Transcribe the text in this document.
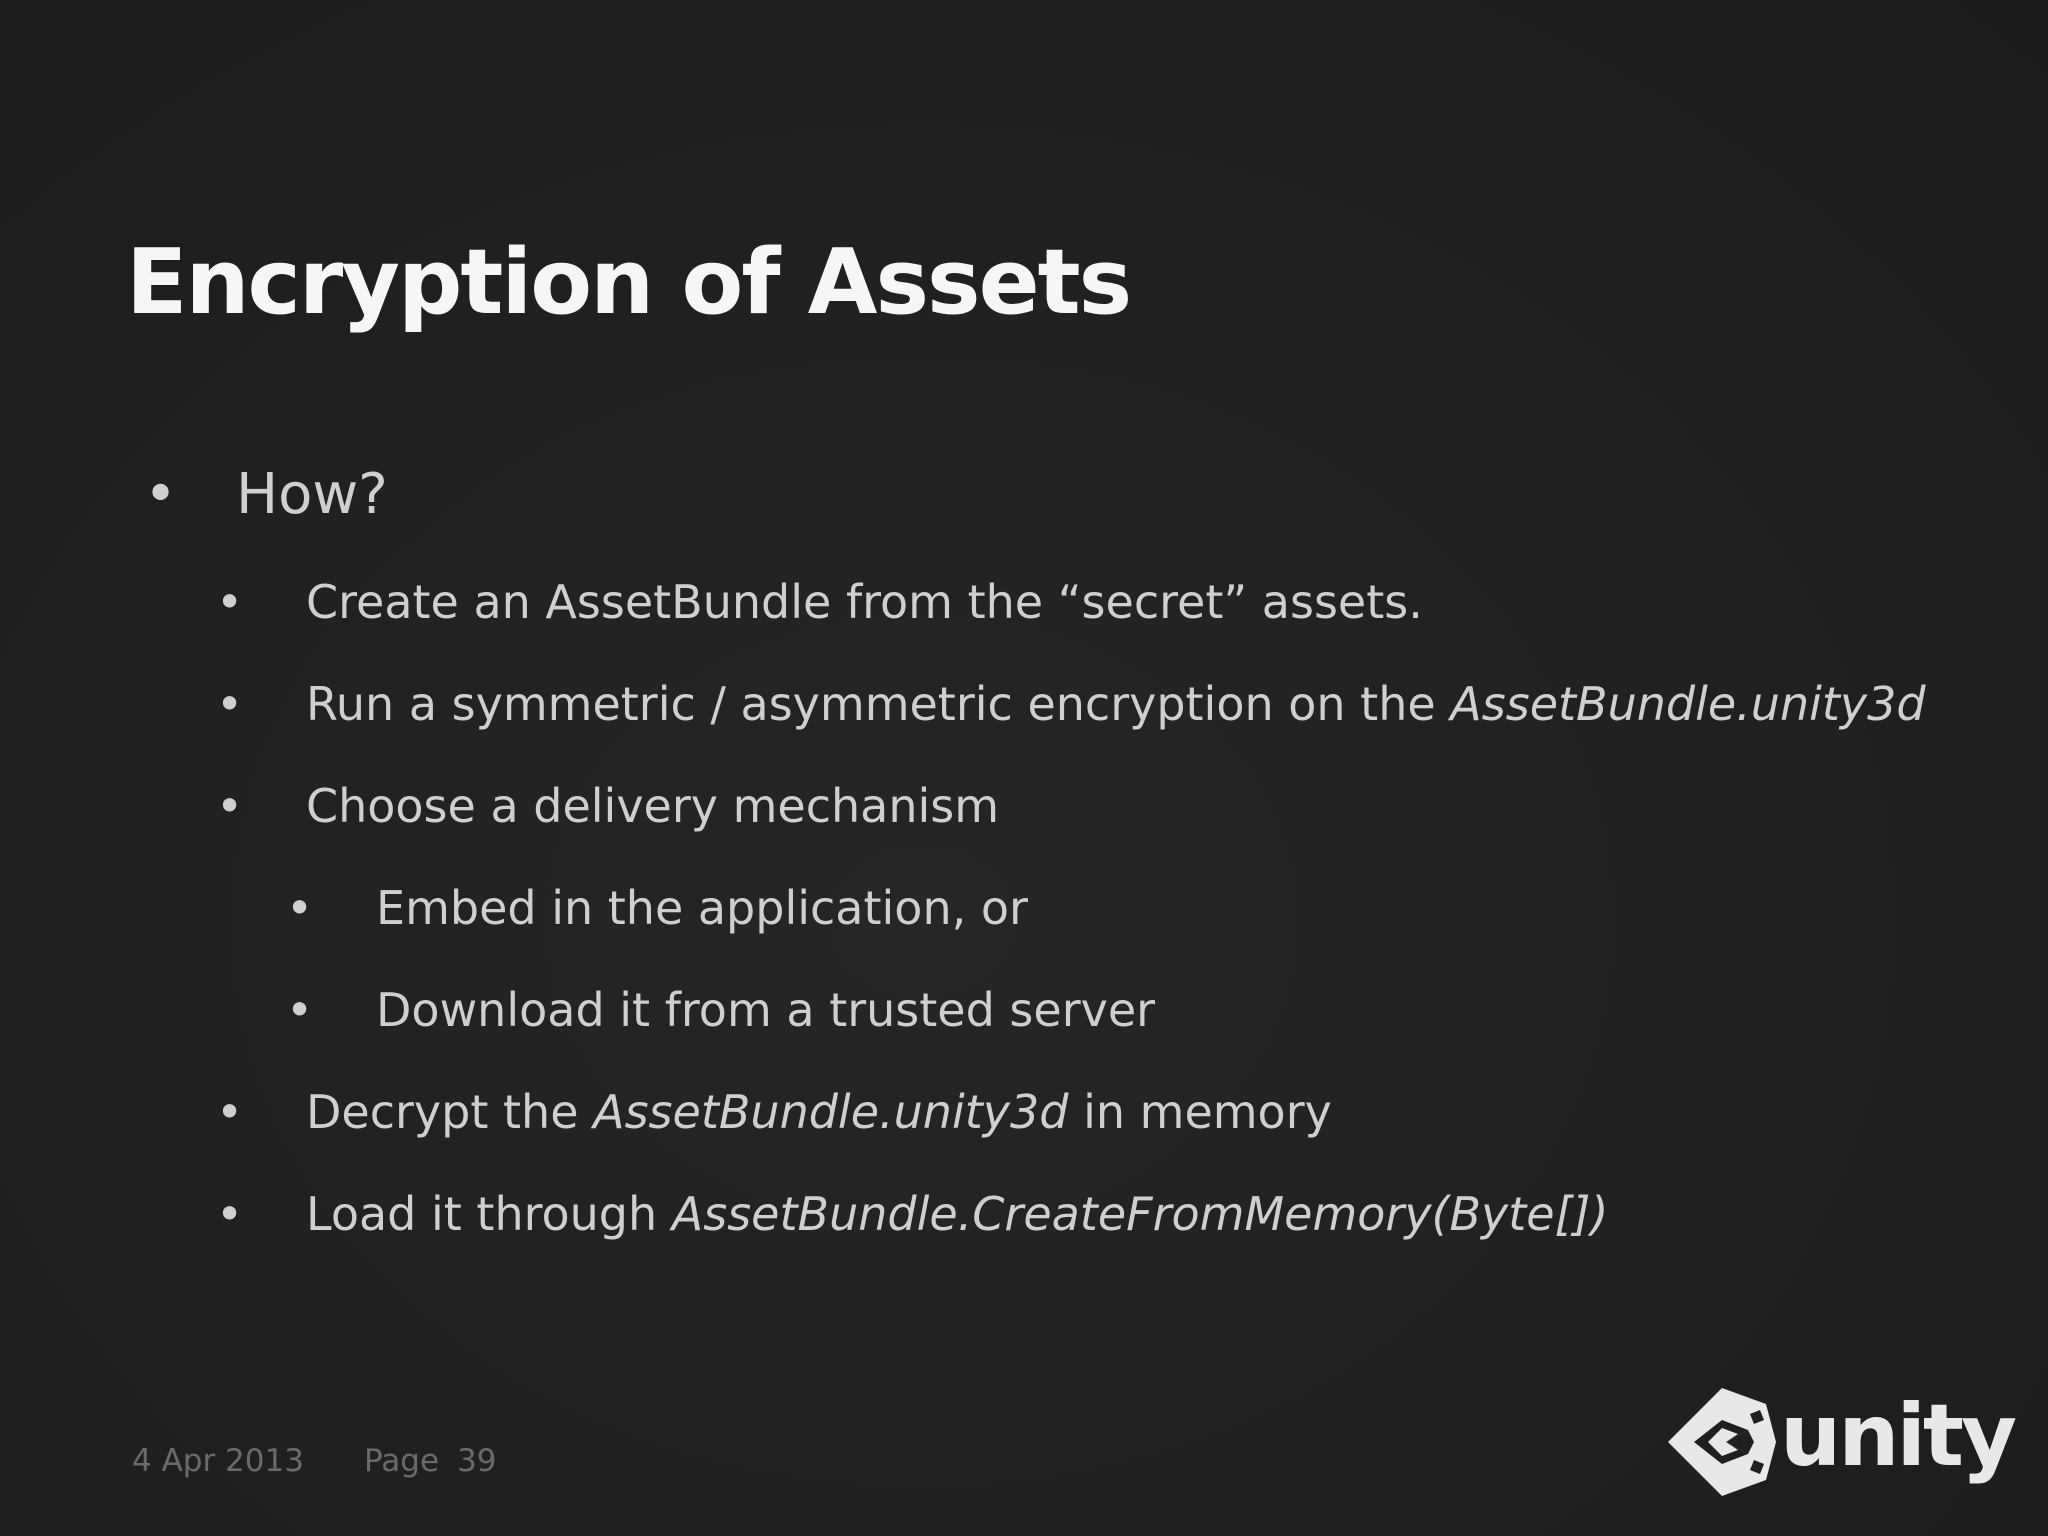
Encryption of Assets
• How?
• Create an AssetBundle from the “secret” assets.
• Run a symmetric / asymmetric encryption on the AssetBundle.unity3d
• Choose a delivery mechanism
• Embed in the application, or
• Download it from a trusted server
• Decrypt the AssetBundle.unity3d in memory
• Load it through AssetBundle.CreateFromMemory(Byte[])
4 Apr 2013 Page 39	unity
